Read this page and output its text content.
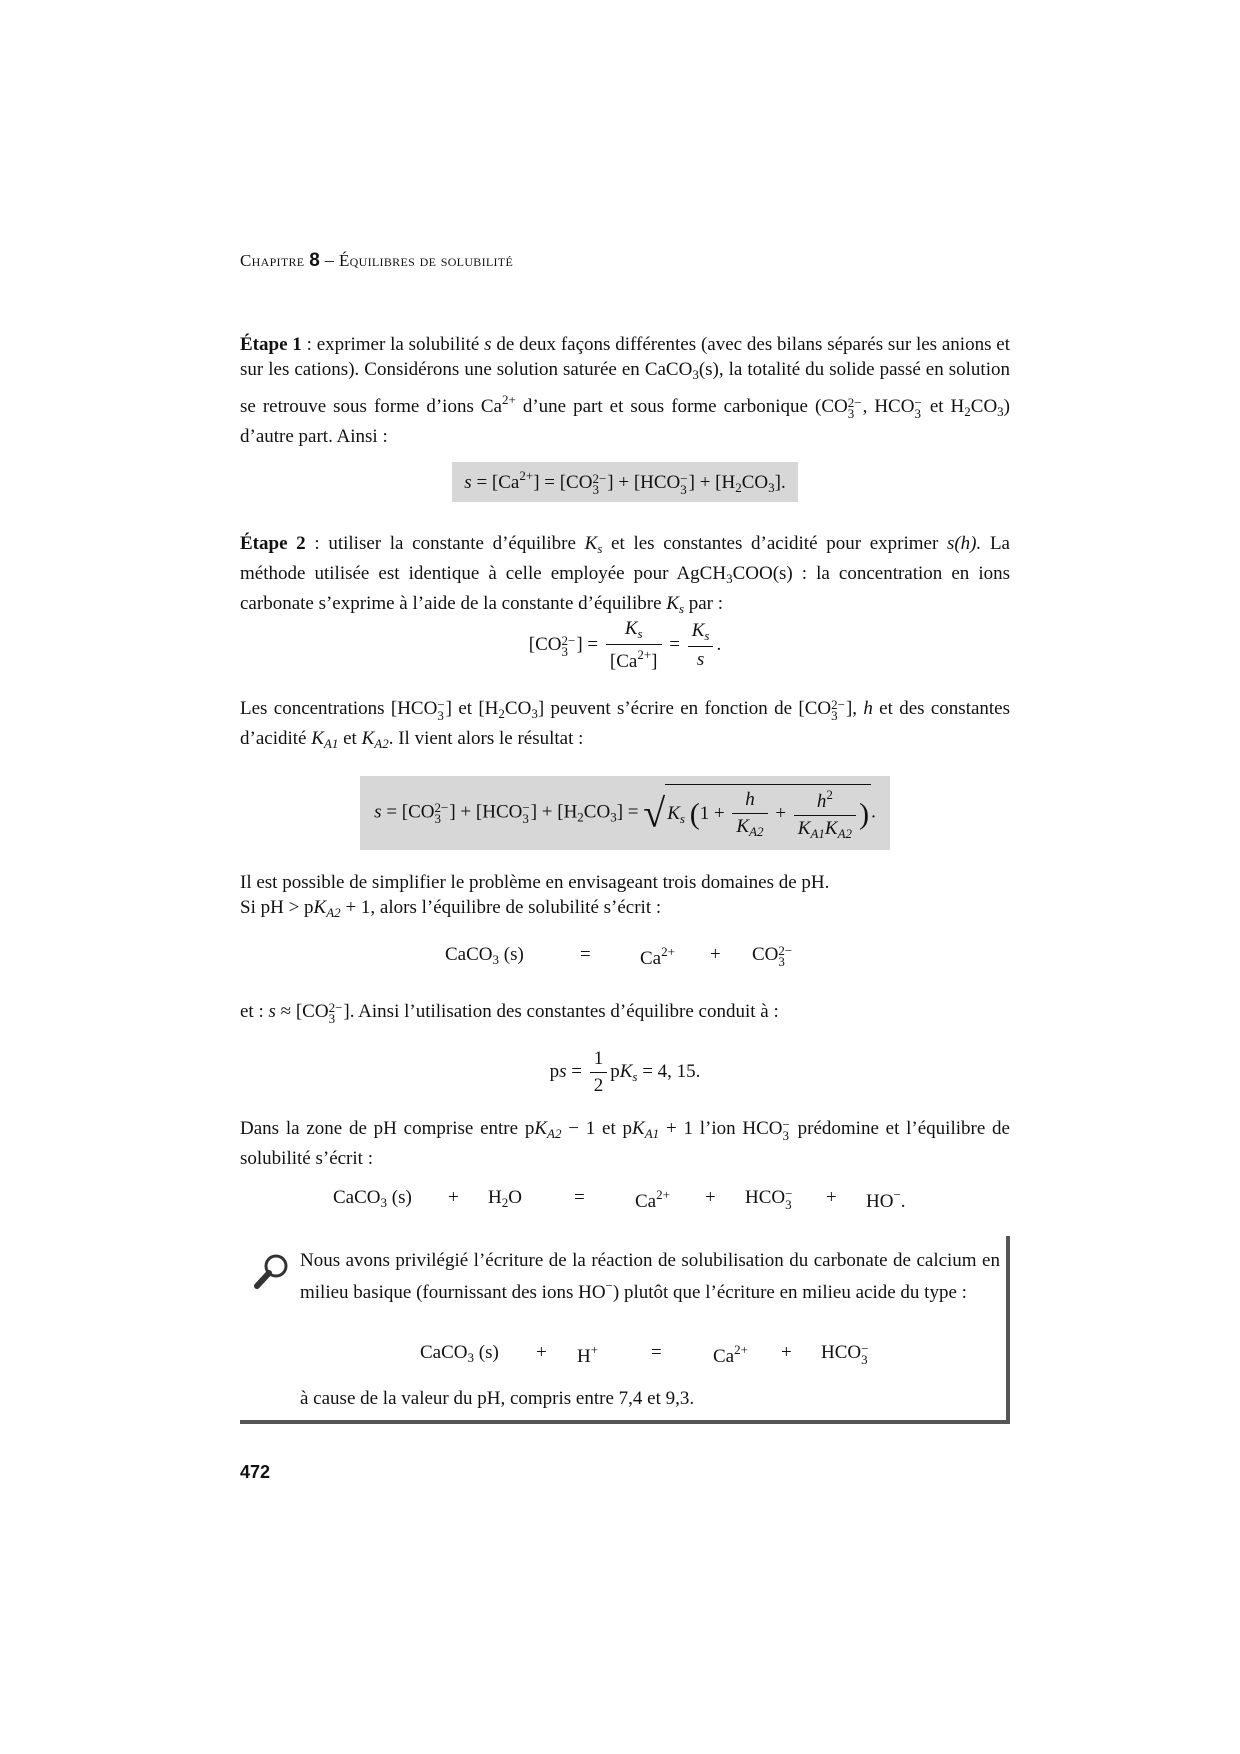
Chapitre 8 – Équilibres de solubilité

Étape 1 : exprimer la solubilité s de deux façons différentes (avec des bilans séparés sur les anions et sur les cations). Considérons une solution saturée en CaCO$_3$(s), la totalité du solide passé en solution se retrouve sous forme d’ions $Ca^{2+}$ d’une part et sous forme carbonique (CO2−
3 , HCO−
3 et $H_2CO_3$) d’autre part. Ainsi :

$s = [Ca^{2+}] = [CO2-$
3 ] + [HCO−
$3] + [H_2CO_3]$.

Étape 2 : utiliser la constante d’équilibre $K_s$ et les constantes d’acidité pour exprimer s(h). La méthode utilisée est identique à celle employée pour AgCH$_3$COO(s) : la concentration en ions carbonate s’exprime à l’aide de la constante d’équilibre $K_s$ par :

[CO2−
3 ] = $\frac{K_s}{[Ca^{2+}]} = \frac{K_s}{s}$ .

Les concentrations [HCO−
3] et $[H_2CO_3]$ peuvent s’écrire en fonction de [CO2−
3 ], h et des constantes d’acidité $K_{A1}$ et $K_{A2}$. Il vient alors le résultat :

s = [CO2−
3 ] + [HCO−
$3] + [H_2CO_3]$ = √ $K_s$ ($1 + \frac{h}{K_{A2}} + \frac{h^2}{K_{A1}K_{A2}}$ ) .

Il est possible de simplifier le problème en envisageant trois domaines de pH.
Si pH > $pK_{A2} + 1$, alors l’équilibre de solubilité s’écrit :

CaCO$_3$ (s)	=	$Ca^{2+} + CO2-$
3

et : s ≈ [CO2−
3 ]. Ainsi l’utilisation des constantes d’équilibre conduit à :

ps = $\frac{1}{2} pK_s = 4$, 15.

Dans la zone de pH comprise entre $pK_{A2} - 1$ et $pK_{A1} + 1$ l’ion HCO−
3 prédomine et l’équilibre de solubilité s’écrit :

CaCO$_3$ $(s) + H_2O$	=	$Ca^{2+} + HCO-$
3 + HO−.

Nous avons privilégié l’écriture de la réaction de solubilisation du carbonate de calcium en milieu basique (fournissant des ions HO−) plutôt que l’écriture en milieu acide du type :

CaCO$_3$ (s) + H+	=	$Ca^{2+} + HCO-$
3

à cause de la valeur du pH, compris entre 7,4 et 9,3.

472
